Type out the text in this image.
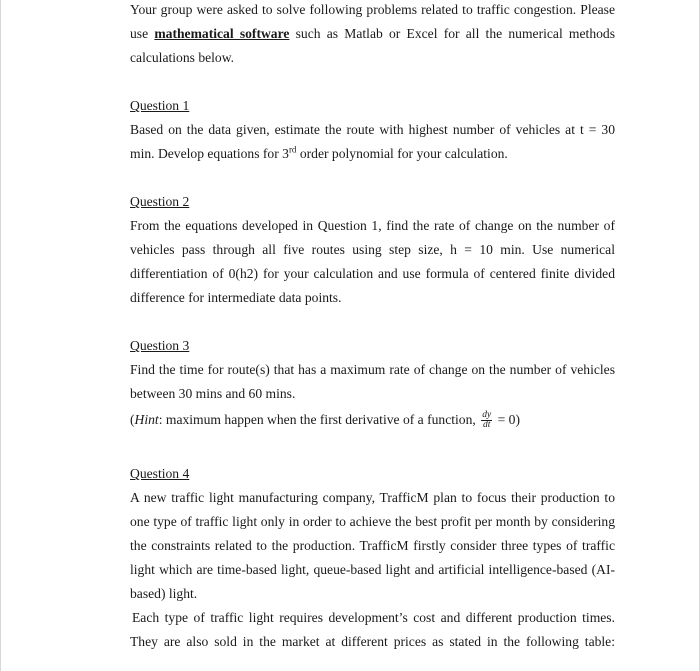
Your group were asked to solve following problems related to traffic congestion. Please
use mathematical software such as Matlab or Excel for all the numerical methods
calculations below.
Question 1
Based on the data given, estimate the route with highest number of vehicles at t = 30
min. Develop equations for 3rd order polynomial for your calculation.
Question 2
From the equations developed in Question 1, find the rate of change on the number of
vehicles pass through all five routes using step size, h = 10 min. Use numerical
differentiation of 0(h2) for your calculation and use formula of centered finite divided
difference for intermediate data points.
Question 3
Find the time for route(s) that has a maximum rate of change on the number of vehicles
between 30 mins and 60 mins.
(Hint: maximum happen when the first derivative of a function, $\frac{dy}{dt} = 0$)
Question 4
A new traffic light manufacturing company, TrafficM plan to focus their production to
one type of traffic light only in order to achieve the best profit per month by considering
the constraints related to the production. TrafficM firstly consider three types of traffic
light which are time-based light, queue-based light and artificial intelligence-based (AI-
based) light.
Each type of traffic light requires development’s cost and different production times.
They are also sold in the market at different prices as stated in the following table:
